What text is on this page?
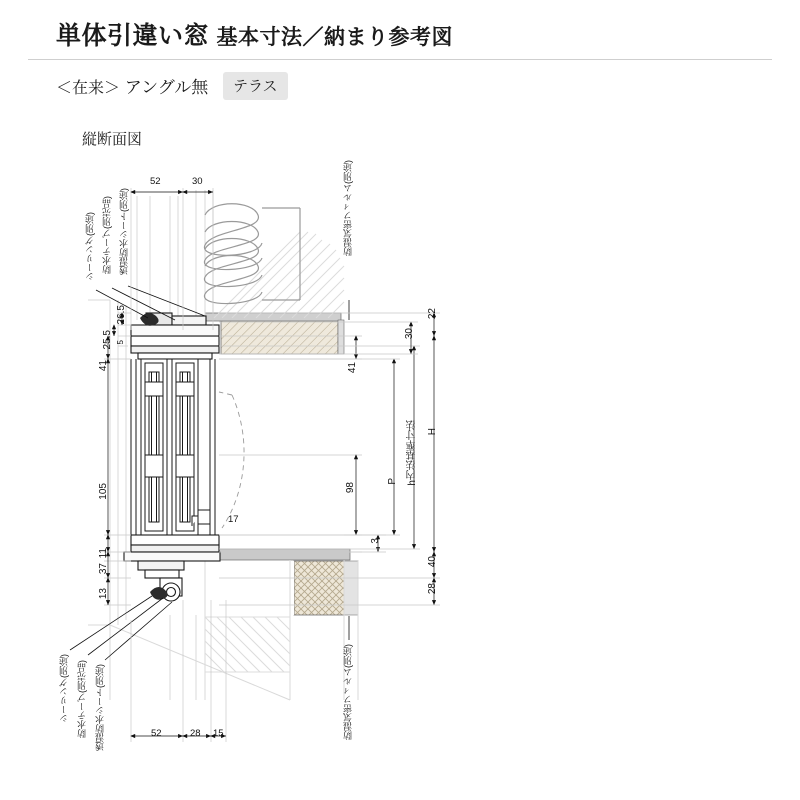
単体引違い窓 基本寸法／納まり参考図
＜在来＞ アングル無 テラス
縦断面図
シーリング(別途) 防水テープ(別売品) 透湿防水シート(別途)	防湿気密フィルム(別途)
シーリング(別途) 防水テープ(別売品) 透湿防水シート(別途)	防湿気密フィルム(別途)
52	30
52	28 15
26.5
25.5
41
105
11
37
13
5
41
98
3
17
30
P h内法基準寸法
22
H
40
28
